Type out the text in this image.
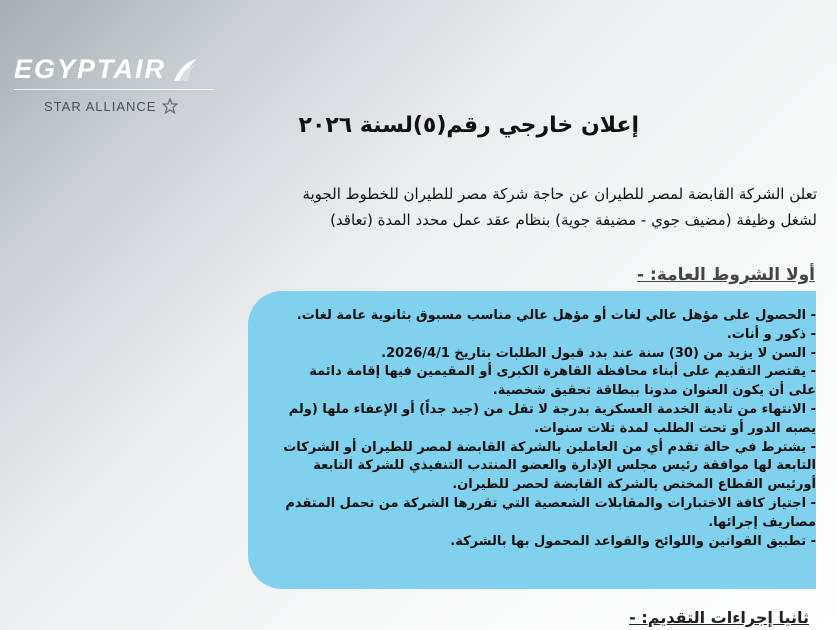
EGYPTAIR
STAR ALLIANCE
إعلان خارجي رقم(٥)لسنة ٢٠٢٦
تعلن الشركة القابضة لمصر للطيران عن حاجة شركة مصر للطيران للخطوط الجوية
لشغل وظيفة (مضيف جوي - مضيفة جوية) بنظام عقد عمل محدد المدة (تعاقد)
أولا الشروط العامة: -
- الحصول على مؤهل عالي لغات أو مؤهل عالي مناسب مسبوق بثانوية عامة لغات.
- ذكور و أنات.
- السن لا يزيد من (30) سنة عند بدد قبول الطلبات بتاريخ 2026/4/1.
- يقتصر التقديم على أبناء محافظة القاهرة الكبرى أو المقيمين فيها إقامة دائمة على أن يكون العنوان مدونا ببطاقة تحقيق شخصية.
- الانتهاء من تادية الخدمة العسكرية بدرجة لا تقل من (جيد جداً) أو الإعفاء ملها (ولم يصبه الدور أو تحت الطلب لمدة تلات سنوات.
- يشترط في حالة تقدم أي من العاملين بالشركة القابضة لمصر للطيران أو الشركات التابعة لها موافقة رئيس مجلس الإدارة والعضو المنتدب التنفيذي للشركة التابعة أورئيس القطاع المختص بالشركة القابضة لحصر للطيران.
- اجتياز كافة الاختبارات والمقابلات الشعصية التي تقررها الشركة من تحمل المتقدم مصاريف إجرائها.
- تطبيق القوانين واللوائح والقواعد المحمول بها بالشركة.
ثانيا إجراءات التقديم: -
